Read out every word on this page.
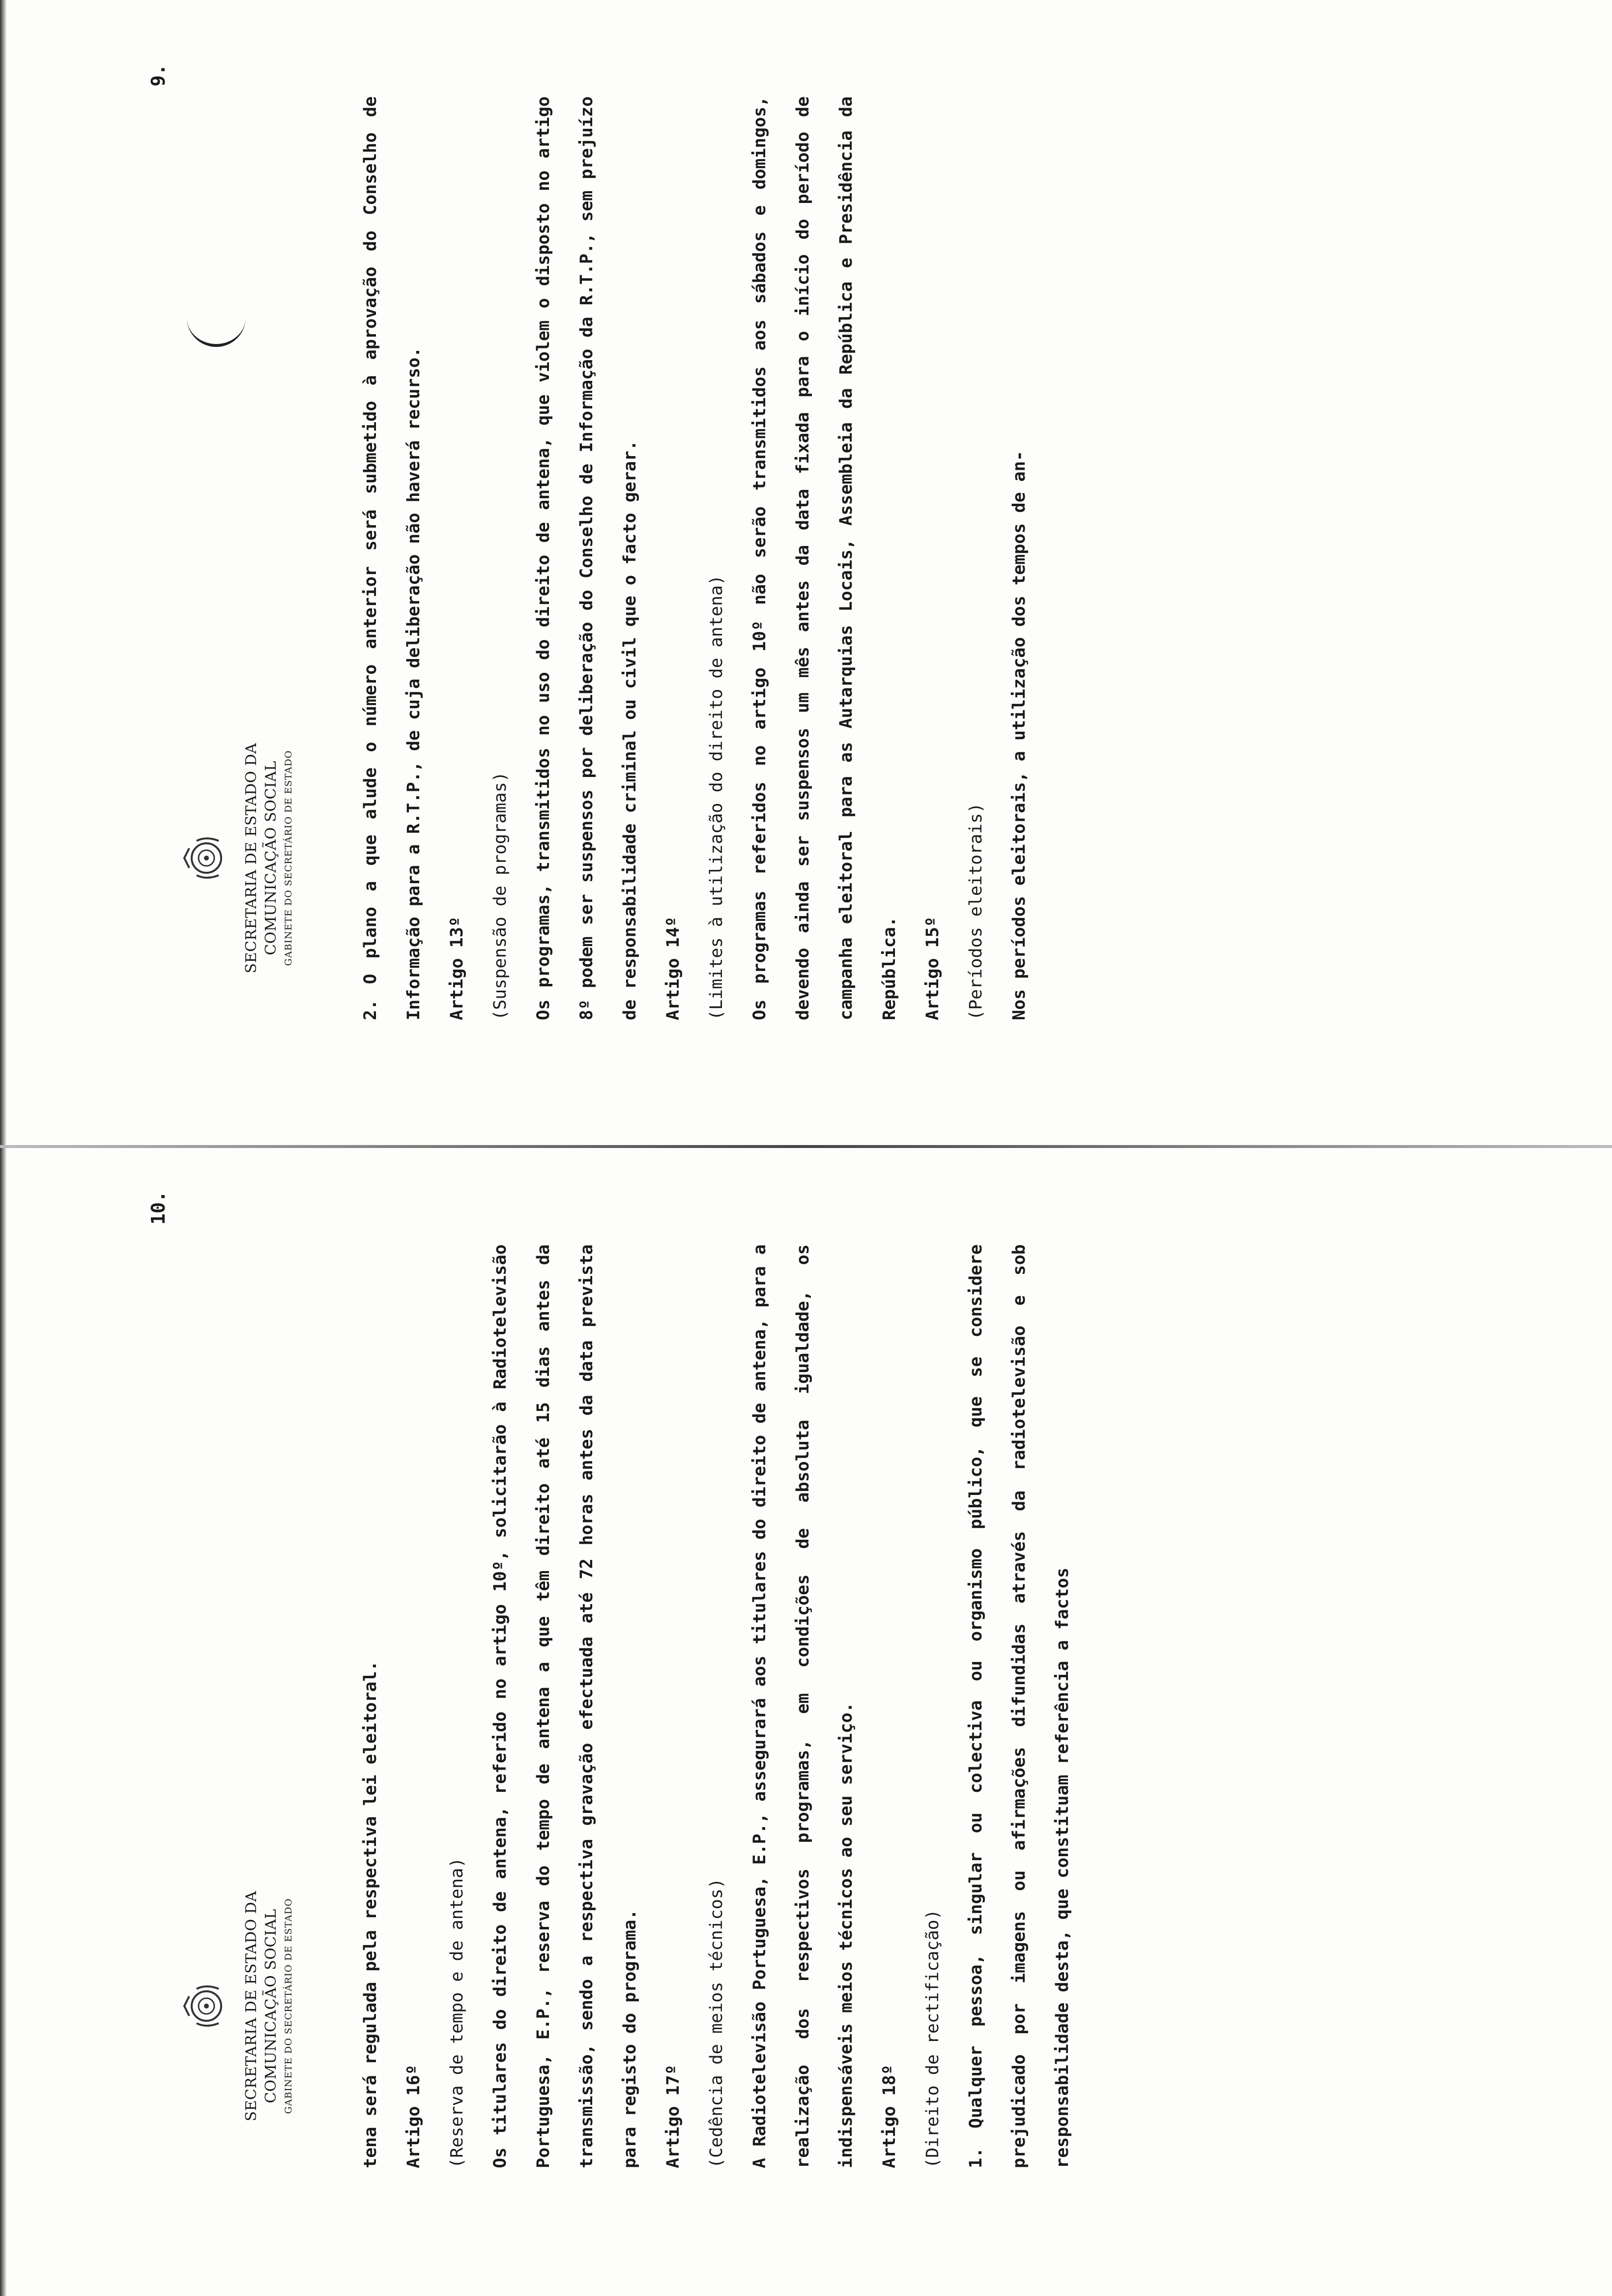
10.
SECRETARIA DE ESTADO DA COMUNICAÇÃO SOCIAL GABINETE DO SECRETÁRIO DE ESTADO	tena será regulada pela respectiva lei eleitoral.	Artigo 16º	(Reserva de tempo e de antena)	Os titulares do direito de antena, referido no artigo 10º, solicitarão à Radiotelevisão Portuguesa, E.P., reserva do tempo de antena a que têm direito até 15 dias antes da transmissão, sendo a respectiva gravação efectuada até 72 horas antes da data prevista para registo do programa.	Artigo 17º	(Cedência de meios técnicos)	A Radiotelevisão Portuguesa, E.P., assegurará aos titulares do direito de antena, para a realização dos respectivos programas, em condições de absoluta igualdade, os indispensáveis meios técnicos ao seu serviço.	Artigo 18º	(Direito de rectificação)	1. Qualquer pessoa, singular ou colectiva ou organismo público, que se considere prejudicado por imagens ou afirmações difundidas através da radiotelevisão e sob responsabilidade desta, que constituam referência a factos

9.
SECRETARIA DE ESTADO DA COMUNICAÇÃO SOCIAL GABINETE DO SECRETÁRIO DE ESTADO	2. O plano a que alude o número anterior será submetido à aprovação do Conselho de Informação para a R.T.P., de cuja deliberação não haverá recurso.	Artigo 13º	(Suspensão de programas)	Os programas, transmitidos no uso do direito de antena, que violem o disposto no artigo 8º podem ser suspensos por deliberação do Conselho de Informação da R.T.P., sem prejuízo de responsabilidade criminal ou civil que o facto gerar.	Artigo 14º	(Limites à utilização do direito de antena)	Os programas referidos no artigo 10º não serão transmitidos aos sábados e domingos, devendo ainda ser suspensos um mês antes da data fixada para o início do período de campanha eleitoral para as Autarquias Locais, Assembleia da República e Presidência da República.	Artigo 15º	(Períodos eleitorais)	Nos períodos eleitorais, a utilização dos tempos de an-
